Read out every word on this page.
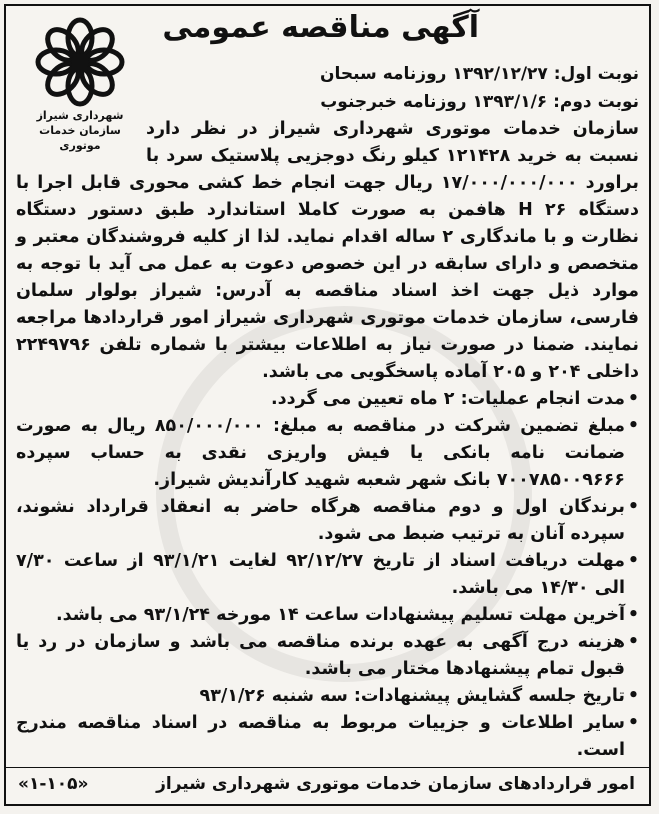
آگهی مناقصه عمومی
نوبت اول: ۱۳۹۲/۱۲/۲۷ روزنامه سبحان
نوبت دوم: ۱۳۹۳/۱/۶ روزنامه خبرجنوب
شهرداری شیراز
سازمان خدمات موتوری

سازمان خدمات موتوری شهرداری شیراز در نظر دارد نسبت به خرید ۱۲۱۴۲۸ کیلو رنگ دوجزیی پلاستیک سرد با براورد ۱۷/۰۰۰/۰۰۰/۰۰۰ ریال جهت انجام خط کشی محوری قابل اجرا با دستگاه H ۲۶ هافمن به صورت کاملا استاندارد طبق دستور دستگاه نظارت و با ماندگاری ۲ ساله اقدام نماید. لذا از کلیه فروشندگان معتبر و متخصص و دارای سابقه در این خصوص دعوت به عمل می آید با توجه به موارد ذیل جهت اخذ اسناد مناقصه به آدرس: شیراز بولوار سلمان فارسی، سازمان خدمات موتوری شهرداری شیراز امور قراردادها مراجعه نمایند. ضمنا در صورت نیاز به اطلاعات بیشتر با شماره تلفن ۲۲۴۹۷۹۶ داخلی ۲۰۴ و ۲۰۵ آماده پاسخگویی می باشد.

• مدت انجام عملیات: ۲ ماه تعیین می گردد.
• مبلغ تضمین شرکت در مناقصه به مبلغ: ۸۵۰/۰۰۰/۰۰۰ ریال به صورت ضمانت نامه بانکی یا فیش واریزی نقدی به حساب سپرده ۷۰۰۷۸۵۰۰۹۶۶۶ بانک شهر شعبه شهید کارآندیش شیراز.
• برندگان اول و دوم مناقصه هرگاه حاضر به انعقاد قرارداد نشوند، سپرده آنان به ترتیب ضبط می شود.
• مهلت دریافت اسناد از تاریخ ۹۲/۱۲/۲۷ لغایت ۹۳/۱/۲۱ از ساعت ۷/۳۰ الی ۱۴/۳۰ می باشد.
• آخرین مهلت تسلیم پیشنهادات ساعت ۱۴ مورخه ۹۳/۱/۲۴ می باشد.
• هزینه درج آگهی به عهده برنده مناقصه می باشد و سازمان در رد یا قبول تمام پیشنهادها مختار می باشد.
• تاریخ جلسه گشایش پیشنهادات: سه شنبه ۹۳/۱/۲۶
• سایر اطلاعات و جزییات مربوط به مناقصه در اسناد مناقصه مندرج است.
امور قراردادهای سازمان خدمات موتوری شهرداری شیراز
«۱-۱۰۵»
